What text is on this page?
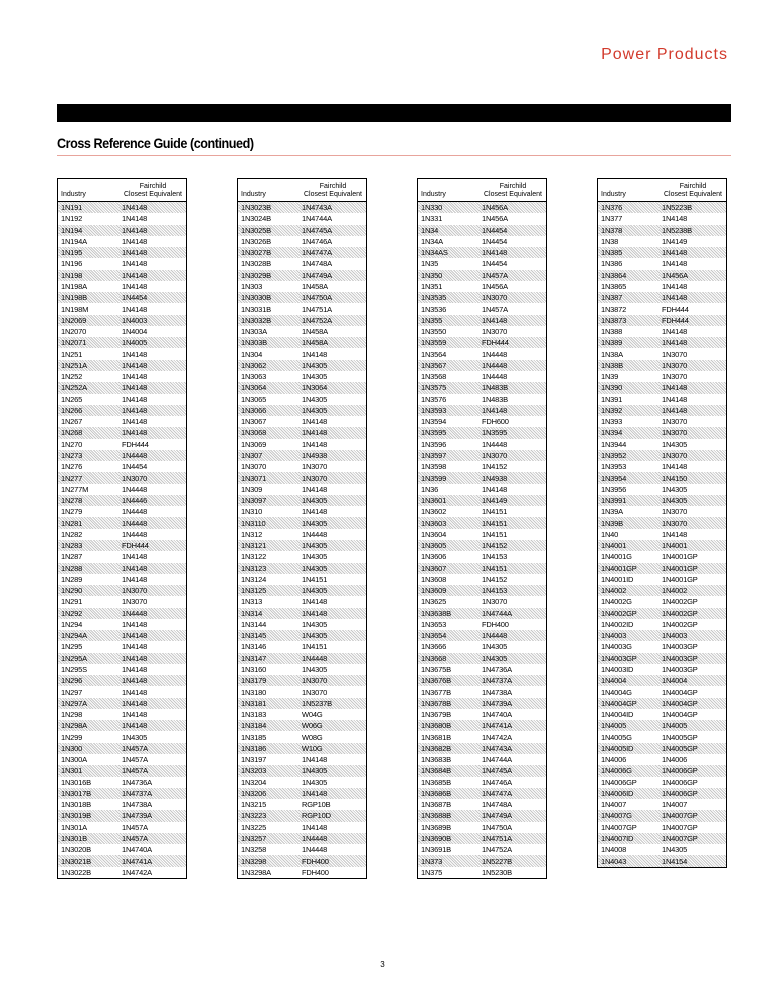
Power Products
Cross Reference Guide (continued)
Industry	Fairchild
Closest Equivalent
1N191	1N4148
1N192	1N4148
1N194	1N4148
1N194A	1N4148
1N195	1N4148
1N196	1N4148
1N198	1N4148
1N198A	1N4148
1N198B	1N4454
1N198M	1N4148
1N2069	1N4003
1N2070	1N4004
1N2071	1N4005
1N251	1N4148
1N251A	1N4148
1N252	1N4148
1N252A	1N4148
1N265	1N4148
1N266	1N4148
1N267	1N4148
1N268	1N4148
1N270	FDH444
1N273	1N4448
1N276	1N4454
1N277	1N3070
1N277M	1N4448
1N278	1N4446
1N279	1N4448
1N281	1N4448
1N282	1N4448
1N283	FDH444
1N287	1N4148
1N288	1N4148
1N289	1N4148
1N290	1N3070
1N291	1N3070
1N292	1N4448
1N294	1N4148
1N294A	1N4148
1N295	1N4148
1N295A	1N4148
1N295S	1N4148
1N296	1N4148
1N297	1N4148
1N297A	1N4148
1N298	1N4148
1N298A	1N4148
1N299	1N4305
1N300	1N457A
1N300A	1N457A
1N301	1N457A
1N3016B	1N4736A
1N3017B	1N4737A
1N3018B	1N4738A
1N3019B	1N4739A
1N301A	1N457A
1N301B	1N457A
1N3020B	1N4740A
1N3021B	1N4741A
1N3022B	1N4742A
Industry	Fairchild
Closest Equivalent
1N3023B	1N4743A
1N3024B	1N4744A
1N3025B	1N4745A
1N3026B	1N4746A
1N3027B	1N4747A
1N3028B	1N4748A
1N3029B	1N4749A
1N303	1N458A
1N3030B	1N4750A
1N3031B	1N4751A
1N3032B	1N4752A
1N303A	1N458A
1N303B	1N458A
1N304	1N4148
1N3062	1N4305
1N3063	1N4305
1N3064	1N3064
1N3065	1N4305
1N3066	1N4305
1N3067	1N4148
1N3068	1N4148
1N3069	1N4148
1N307	1N4938
1N3070	1N3070
1N3071	1N3070
1N309	1N4148
1N3097	1N4305
1N310	1N4148
1N3110	1N4305
1N312	1N4448
1N3121	1N4305
1N3122	1N4305
1N3123	1N4305
1N3124	1N4151
1N3125	1N4305
1N313	1N4148
1N314	1N4148
1N3144	1N4305
1N3145	1N4305
1N3146	1N4151
1N3147	1N4448
1N3160	1N4305
1N3179	1N3070
1N3180	1N3070
1N3181	1N5237B
1N3183	W04G
1N3184	W06G
1N3185	W08G
1N3186	W10G
1N3197	1N4148
1N3203	1N4305
1N3204	1N4305
1N3206	1N4148
1N3215	RGP10B
1N3223	RGP10D
1N3225	1N4148
1N3257	1N4448
1N3258	1N4448
1N3298	FDH400
1N3298A	FDH400
Industry	Fairchild
Closest Equivalent
1N330	1N456A
1N331	1N456A
1N34	1N4454
1N34A	1N4454
1N34AS	1N4148
1N35	1N4454
1N350	1N457A
1N351	1N456A
1N3535	1N3070
1N3536	1N457A
1N355	1N4148
1N3550	1N3070
1N3559	FDH444
1N3564	1N4448
1N3567	1N4448
1N3568	1N4448
1N3575	1N483B
1N3576	1N483B
1N3593	1N4148
1N3594	FDH600
1N3595	1N3595
1N3596	1N4448
1N3597	1N3070
1N3598	1N4152
1N3599	1N4938
1N36	1N4148
1N3601	1N4149
1N3602	1N4151
1N3603	1N4151
1N3604	1N4151
1N3605	1N4152
1N3606	1N4153
1N3607	1N4151
1N3608	1N4152
1N3609	1N4153
1N3625	1N3070
1N3638B	1N4744A
1N3653	FDH400
1N3654	1N4448
1N3666	1N4305
1N3668	1N4305
1N3675B	1N4736A
1N3676B	1N4737A
1N3677B	1N4738A
1N3678B	1N4739A
1N3679B	1N4740A
1N3680B	1N4741A
1N3681B	1N4742A
1N3682B	1N4743A
1N3683B	1N4744A
1N3684B	1N4745A
1N3685B	1N4746A
1N3686B	1N4747A
1N3687B	1N4748A
1N3688B	1N4749A
1N3689B	1N4750A
1N3690B	1N4751A
1N3691B	1N4752A
1N373	1N5227B
1N375	1N5230B
Industry	Fairchild
Closest Equivalent
1N376	1N5223B
1N377	1N4148
1N378	1N5238B
1N38	1N4149
1N385	1N4148
1N386	1N4148
1N3864	1N456A
1N3865	1N4148
1N387	1N4148
1N3872	FDH444
1N3873	FDH444
1N388	1N4148
1N389	1N4148
1N38A	1N3070
1N38B	1N3070
1N39	1N3070
1N390	1N4148
1N391	1N4148
1N392	1N4148
1N393	1N3070
1N394	1N3070
1N3944	1N4305
1N3952	1N3070
1N3953	1N4148
1N3954	1N4150
1N3956	1N4305
1N3991	1N4305
1N39A	1N3070
1N39B	1N3070
1N40	1N4148
1N4001	1N4001
1N4001G	1N4001GP
1N4001GP	1N4001GP
1N4001ID	1N4001GP
1N4002	1N4002
1N4002G	1N4002GP
1N4002GP	1N4002GP
1N4002ID	1N4002GP
1N4003	1N4003
1N4003G	1N4003GP
1N4003GP	1N4003GP
1N4003ID	1N4003GP
1N4004	1N4004
1N4004G	1N4004GP
1N4004GP	1N4004GP
1N4004ID	1N4004GP
1N4005	1N4005
1N4005G	1N4005GP
1N4005ID	1N4005GP
1N4006	1N4006
1N4006G	1N4006GP
1N4006GP	1N4006GP
1N4006ID	1N4006GP
1N4007	1N4007
1N4007G	1N4007GP
1N4007GP	1N4007GP
1N4007ID	1N4007GP
1N4008	1N4305
1N4043	1N4154
3
